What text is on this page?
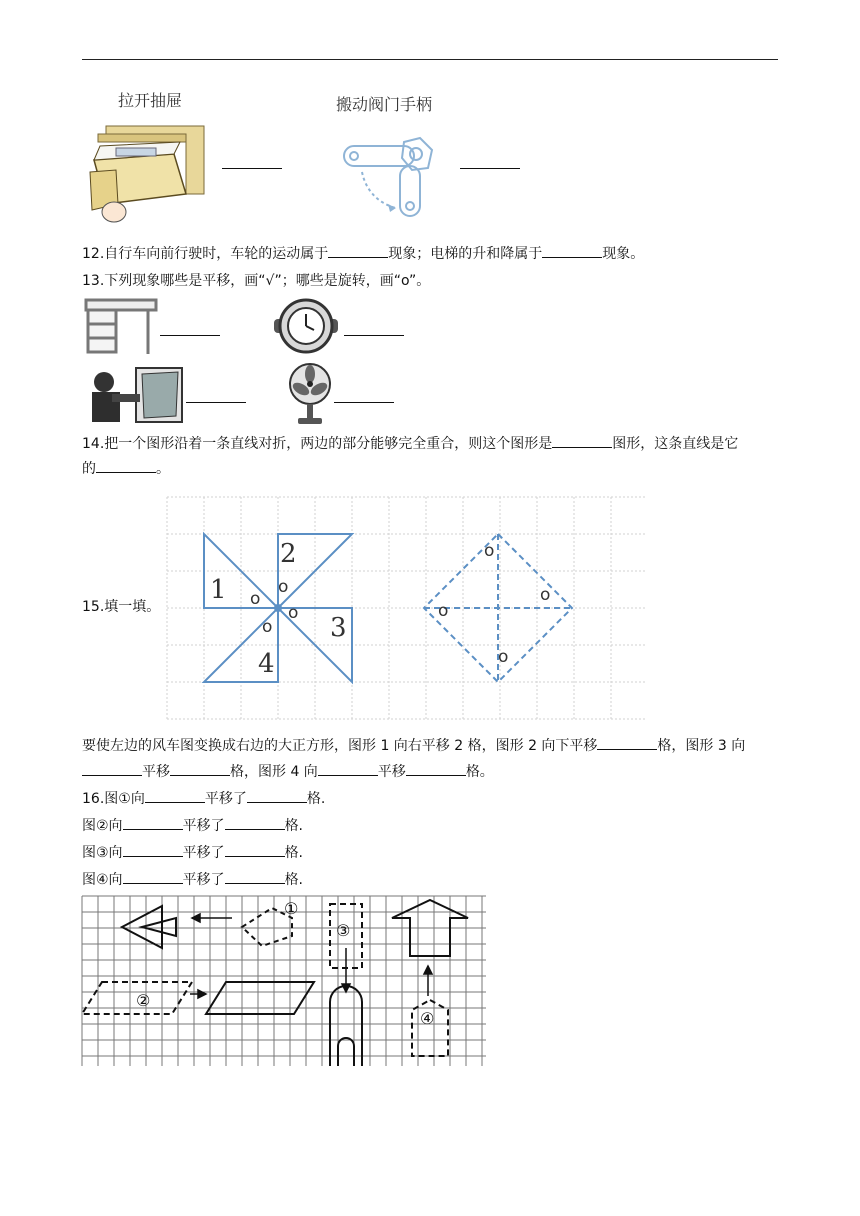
拉开抽屉	搬动阀门手柄
12.自行车向前行驶时，车轮的运动属于	现象；电梯的升和降属于	现象。
13.下列现象哪些是平移，画“√”；哪些是旋转，画“o”。
14.把一个图形沿着一条直线对折，两边的部分能够完全重合，则这个图形是	图形，这条直线是它
的	。
15.填一填。
1
2
3
4
o
o
o
o
o
o
o
o
要使左边的风车图变换成右边的大正方形，图形 1 向右平移 2 格，图形 2 向下平移	格，图形 3 向
平移	格，图形 4 向	平移	格。
16.图①向	平移了	格.
图②向	平移了	格.
图③向	平移了	格.
图④向	平移了	格.
①
②
③
④
